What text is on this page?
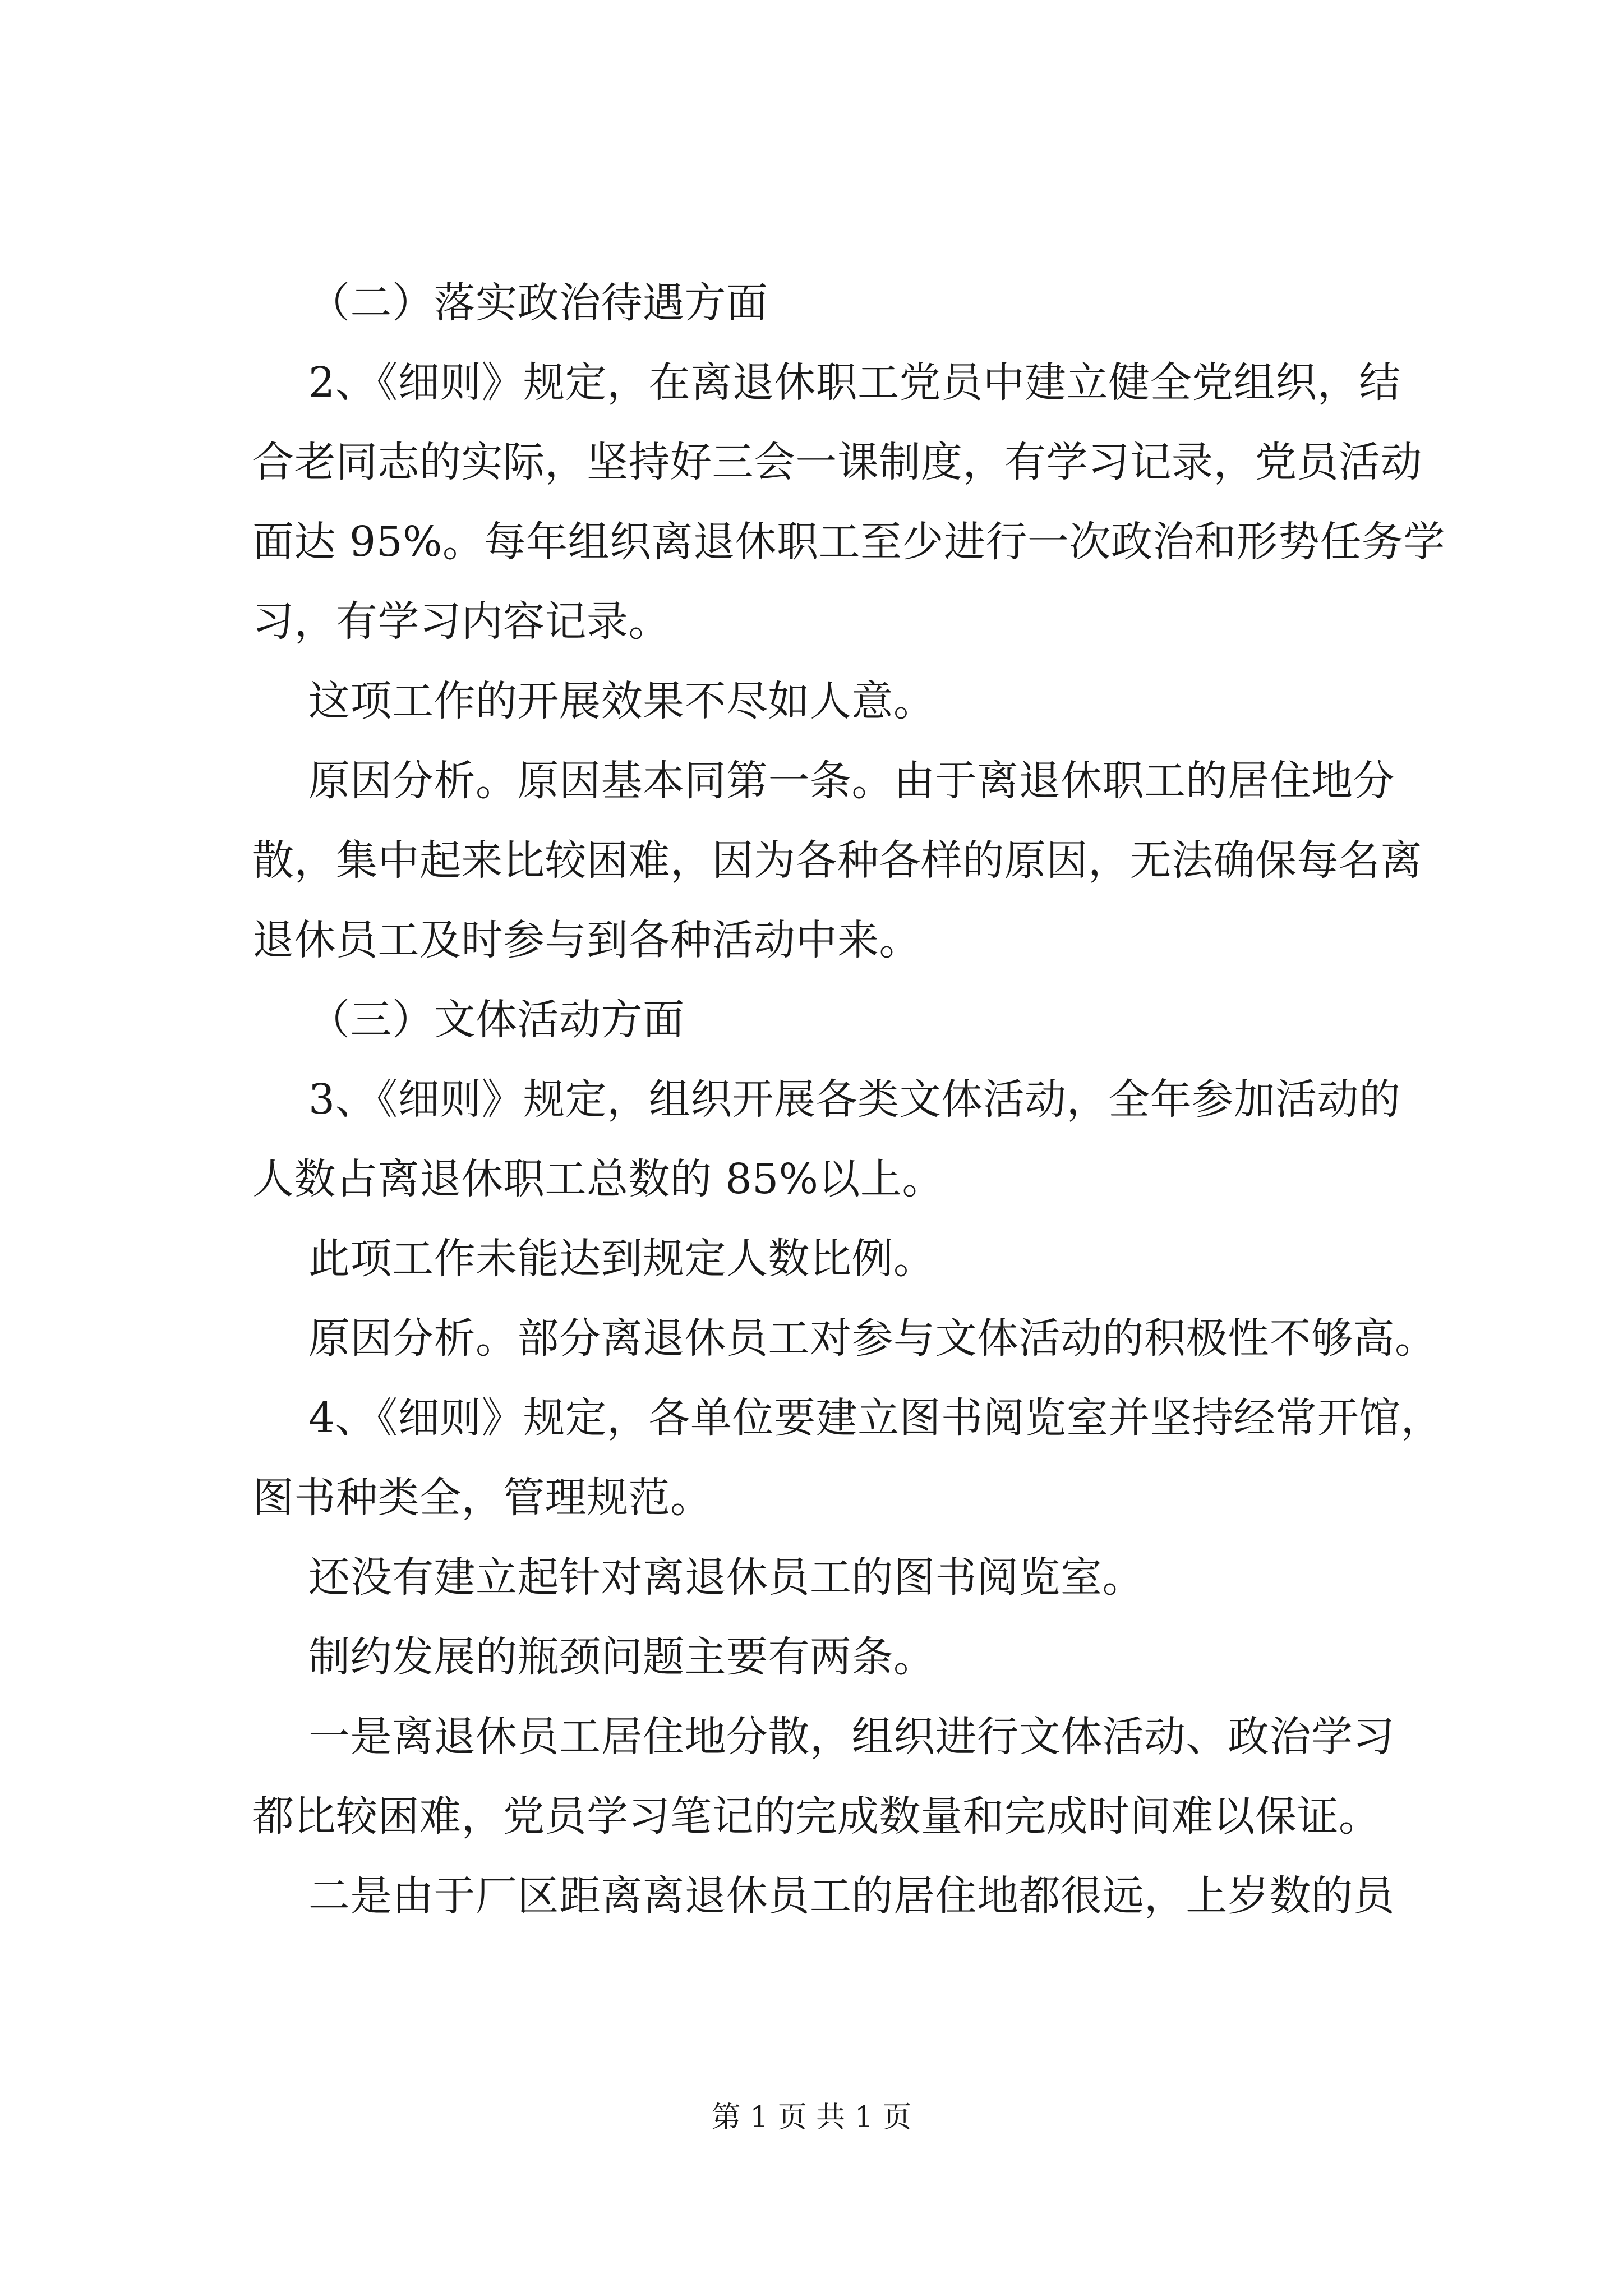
（二）落实政治待遇方面
2、《细则》规定，在离退休职工党员中建立健全党组织，结
合老同志的实际，坚持好三会一课制度，有学习记录，党员活动
面达 95%。每年组织离退休职工至少进行一次政治和形势任务学
习，有学习内容记录。
这项工作的开展效果不尽如人意。
原因分析。原因基本同第一条。由于离退休职工的居住地分
散，集中起来比较困难，因为各种各样的原因，无法确保每名离
退休员工及时参与到各种活动中来。
（三）文体活动方面
3、《细则》规定，组织开展各类文体活动，全年参加活动的
人数占离退休职工总数的 85%以上。
此项工作未能达到规定人数比例。
原因分析。部分离退休员工对参与文体活动的积极性不够高。
4、《细则》规定，各单位要建立图书阅览室并坚持经常开馆，
图书种类全，管理规范。
还没有建立起针对离退休员工的图书阅览室。
制约发展的瓶颈问题主要有两条。
一是离退休员工居住地分散，组织进行文体活动、政治学习
都比较困难，党员学习笔记的完成数量和完成时间难以保证。
二是由于厂区距离离退休员工的居住地都很远，上岁数的员
第 1 页 共 1 页
